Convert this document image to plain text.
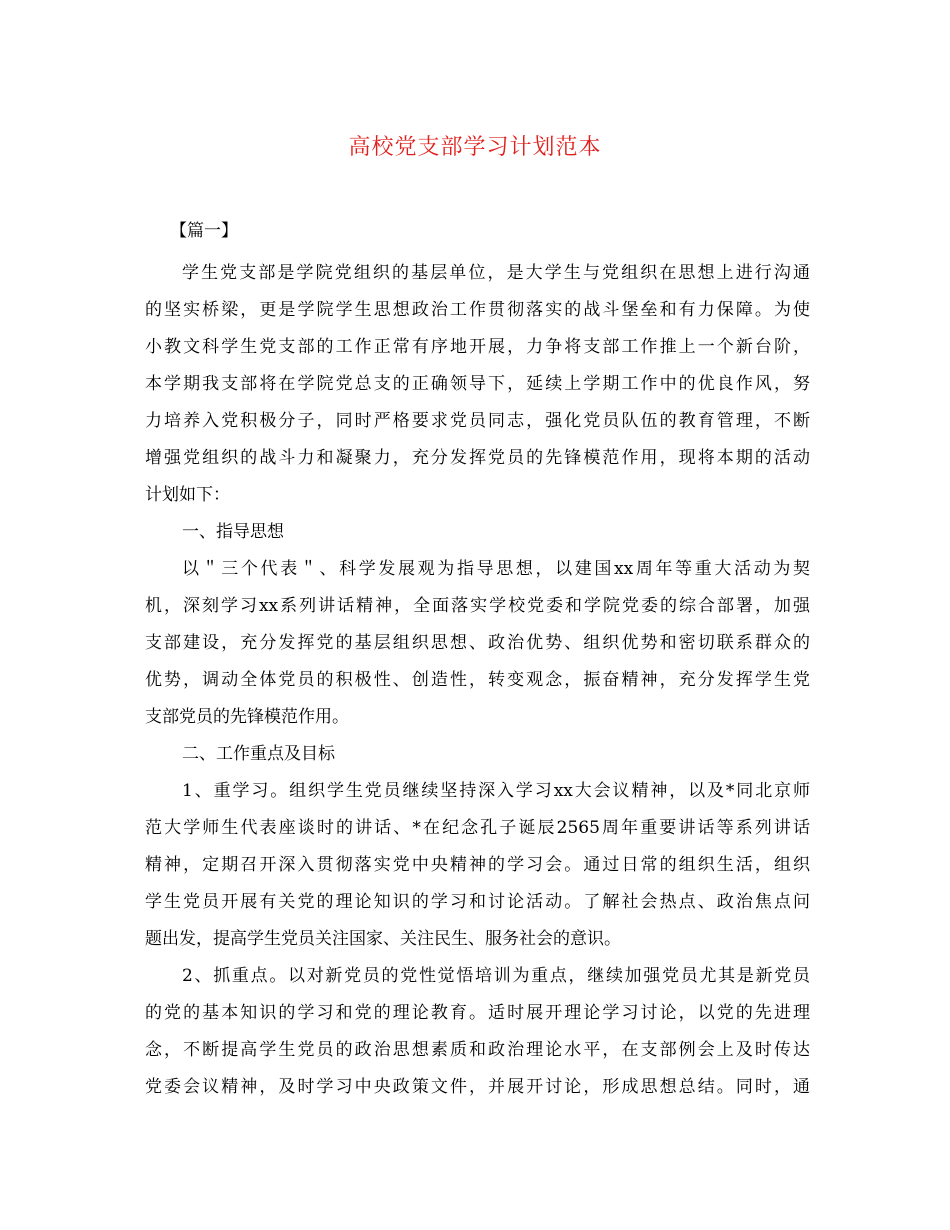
高校党支部学习计划范本
【篇一】
学生党支部是学院党组织的基层单位，是大学生与党组织在思想上进行沟通
的坚实桥梁，更是学院学生思想政治工作贯彻落实的战斗堡垒和有力保障。为使
小教文科学生党支部的工作正常有序地开展，力争将支部工作推上一个新台阶，
本学期我支部将在学院党总支的正确领导下，延续上学期工作中的优良作风，努
力培养入党积极分子，同时严格要求党员同志，强化党员队伍的教育管理，不断
增强党组织的战斗力和凝聚力，充分发挥党员的先锋模范作用，现将本期的活动
计划如下：
一、指导思想
以＂三个代表＂、科学发展观为指导思想，以建国xx周年等重大活动为契
机，深刻学习xx系列讲话精神，全面落实学校党委和学院党委的综合部署，加强
支部建设，充分发挥党的基层组织思想、政治优势、组织优势和密切联系群众的
优势，调动全体党员的积极性、创造性，转变观念，振奋精神，充分发挥学生党
支部党员的先锋模范作用。
二、工作重点及目标
1、重学习。组织学生党员继续坚持深入学习xx大会议精神，以及*同北京师
范大学师生代表座谈时的讲话、*在纪念孔子诞辰2565周年重要讲话等系列讲话
精神，定期召开深入贯彻落实党中央精神的学习会。通过日常的组织生活，组织
学生党员开展有关党的理论知识的学习和讨论活动。了解社会热点、政治焦点问
题出发，提高学生党员关注国家、关注民生、服务社会的意识。
2、抓重点。以对新党员的党性觉悟培训为重点，继续加强党员尤其是新党员
的党的基本知识的学习和党的理论教育。适时展开理论学习讨论，以党的先进理
念，不断提高学生党员的政治思想素质和政治理论水平，在支部例会上及时传达
党委会议精神，及时学习中央政策文件，并展开讨论，形成思想总结。同时，通
